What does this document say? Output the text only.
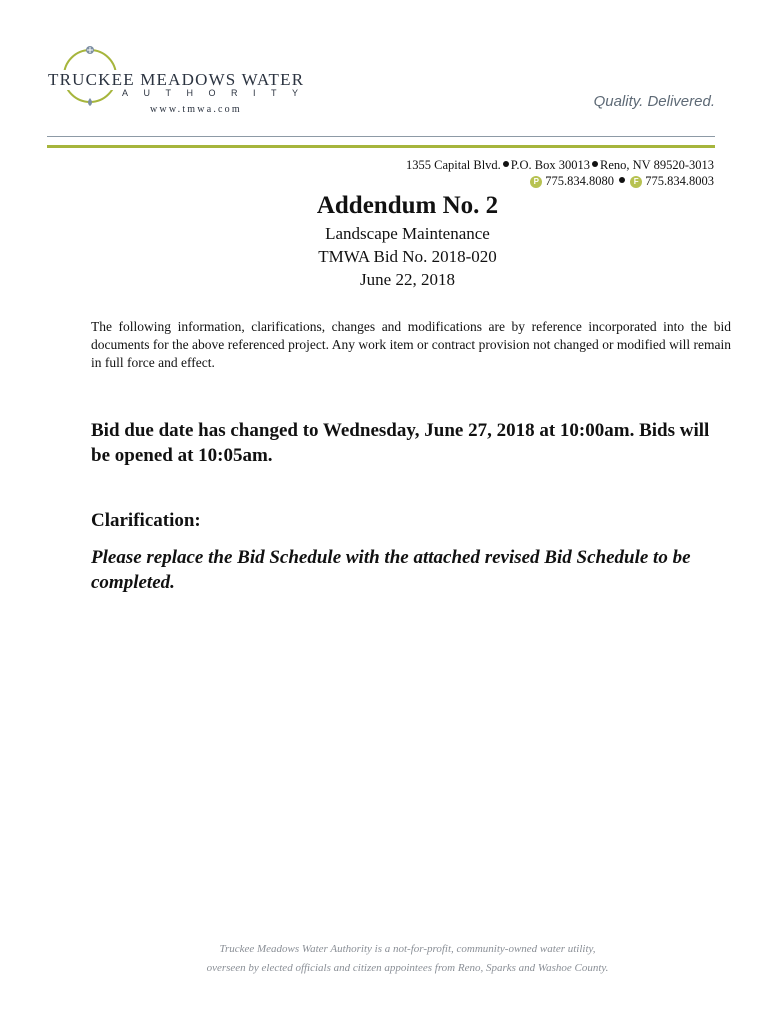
TRUCKEE MEADOWS WATER
AUTHORITY
www.tmwa.com	Quality. Delivered.
1355 Capital Blvd. P.O. Box 30013 Reno, NV 89520-3013
P 775.834.8080 F 775.834.8003
Addendum No. 2
Landscape Maintenance
TMWA Bid No. 2018-020
June 22, 2018
The following information, clarifications, changes and modifications are by reference incorporated into the bid documents for the above referenced project. Any work item or contract provision not changed or modified will remain in full force and effect.
Bid due date has changed to Wednesday, June 27, 2018 at 10:00am. Bids will be opened at 10:05am.
Clarification:
Please replace the Bid Schedule with the attached revised Bid Schedule to be completed.
Truckee Meadows Water Authority is a not-for-profit, community-owned water utility,
overseen by elected officials and citizen appointees from Reno, Sparks and Washoe County.
